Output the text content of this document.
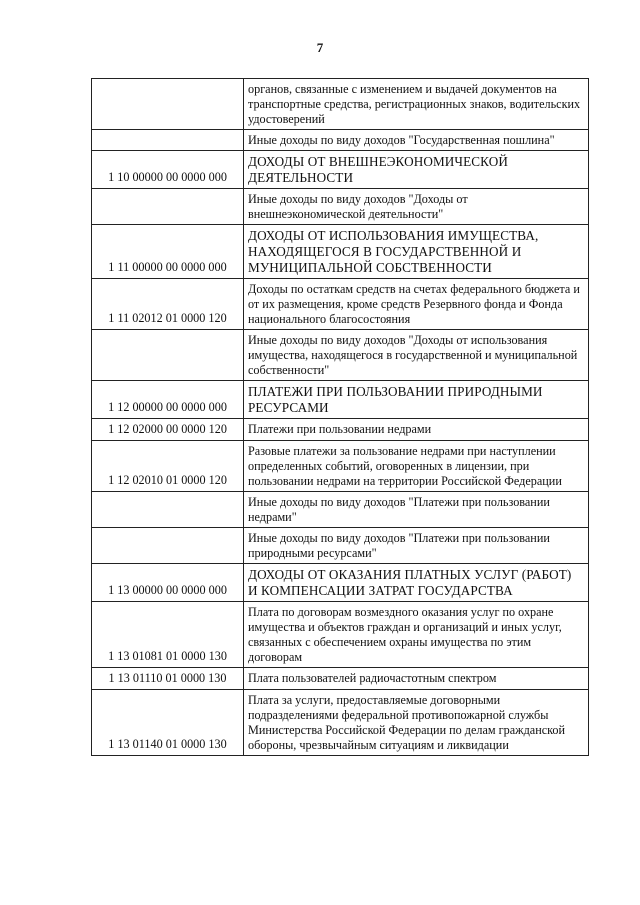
7
	органов, связанные с изменением и выдачей документов на транспортные средства, регистрационных знаков, водительских удостоверений
	Иные доходы по виду доходов "Государственная пошлина"
1 10 00000 00 0000 000	ДОХОДЫ ОТ ВНЕШНЕЭКОНОМИЧЕСКОЙ ДЕЯТЕЛЬНОСТИ
	Иные доходы по виду доходов "Доходы от внешнеэкономической деятельности"
1 11 00000 00 0000 000	ДОХОДЫ ОТ ИСПОЛЬЗОВАНИЯ ИМУЩЕСТВА, НАХОДЯЩЕГОСЯ В ГОСУДАРСТВЕННОЙ И МУНИЦИПАЛЬНОЙ СОБСТВЕННОСТИ
1 11 02012 01 0000 120	Доходы по остаткам средств на счетах федерального бюджета и от их размещения, кроме средств Резервного фонда и Фонда национального благосостояния
	Иные доходы по виду доходов "Доходы от использования имущества, находящегося в государственной и муниципальной собственности"
1 12 00000 00 0000 000	ПЛАТЕЖИ ПРИ ПОЛЬЗОВАНИИ ПРИРОДНЫМИ РЕСУРСАМИ
1 12 02000 00 0000 120	Платежи при пользовании недрами
1 12 02010 01 0000 120	Разовые платежи за пользование недрами при наступлении определенных событий, оговоренных в лицензии, при пользовании недрами на территории Российской Федерации
	Иные доходы по виду доходов "Платежи при пользовании недрами"
	Иные доходы по виду доходов "Платежи при пользовании природными ресурсами"
1 13 00000 00 0000 000	ДОХОДЫ ОТ ОКАЗАНИЯ ПЛАТНЫХ УСЛУГ (РАБОТ) И КОМПЕНСАЦИИ ЗАТРАТ ГОСУДАРСТВА
1 13 01081 01 0000 130	Плата по договорам возмездного оказания услуг по охране имущества и объектов граждан и организаций и иных услуг, связанных с обеспечением охраны имущества по этим договорам
1 13 01110 01 0000 130	Плата пользователей радиочастотным спектром
1 13 01140 01 0000 130	Плата за услуги, предоставляемые договорными подразделениями федеральной противопожарной службы Министерства Российской Федерации по делам гражданской обороны, чрезвычайным ситуациям и ликвидации
